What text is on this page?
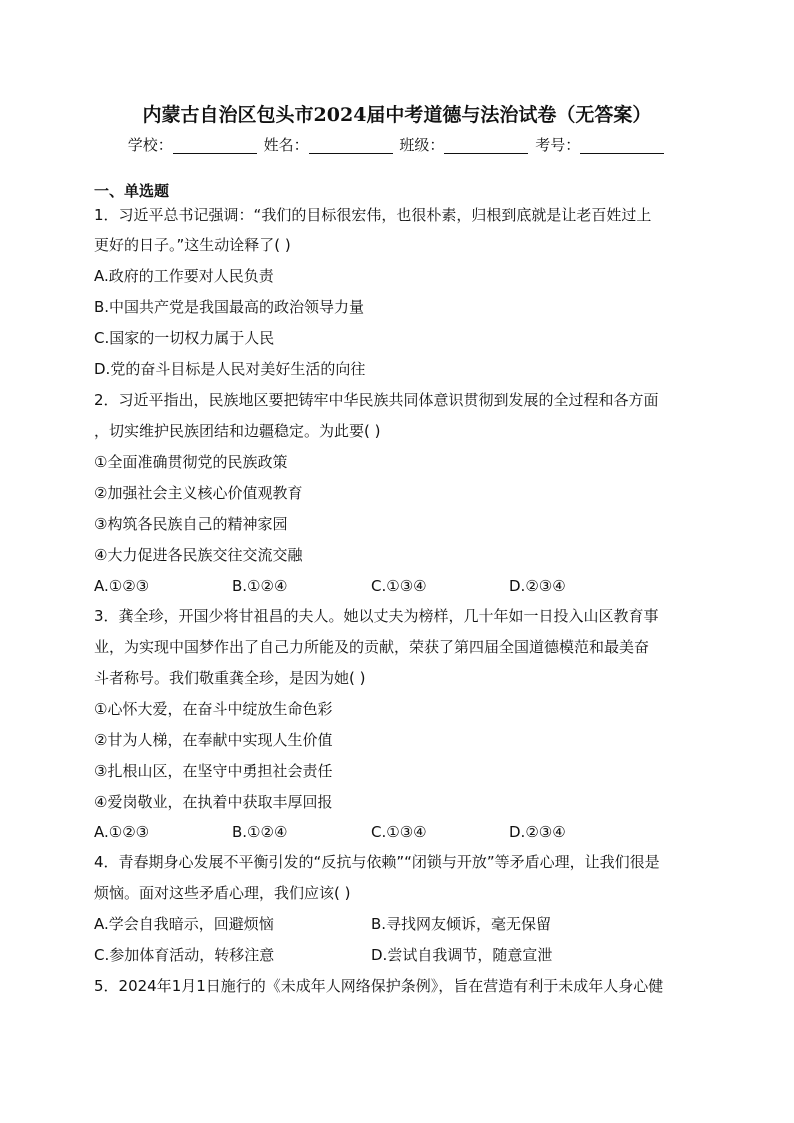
内蒙古自治区包头市2024届中考道德与法治试卷（无答案）
学校：	姓名：	班级：	考号：
一、单选题
1．习近平总书记强调：“我们的目标很宏伟，也很朴素，归根到底就是让老百姓过上
更好的日子。”这生动诠释了( )
A.政府的工作要对人民负责
B.中国共产党是我国最高的政治领导力量
C.国家的一切权力属于人民
D.党的奋斗目标是人民对美好生活的向往
2．习近平指出，民族地区要把铸牢中华民族共同体意识贯彻到发展的全过程和各方面
，切实维护民族团结和边疆稳定。为此要( )
①全面准确贯彻党的民族政策
②加强社会主义核心价值观教育
③构筑各民族自己的精神家园
④大力促进各民族交往交流交融
A.①②③	B.①②④	C.①③④	D.②③④
3．龚全珍，开国少将甘祖昌的夫人。她以丈夫为榜样，几十年如一日投入山区教育事
业，为实现中国梦作出了自己力所能及的贡献，荣获了第四届全国道德模范和最美奋
斗者称号。我们敬重龚全珍，是因为她( )
①心怀大爱，在奋斗中绽放生命色彩
②甘为人梯，在奉献中实现人生价值
③扎根山区，在坚守中勇担社会责任
④爱岗敬业，在执着中获取丰厚回报
A.①②③	B.①②④	C.①③④	D.②③④
4．青春期身心发展不平衡引发的“反抗与依赖”“闭锁与开放”等矛盾心理，让我们很是
烦恼。面对这些矛盾心理，我们应该( )
A.学会自我暗示，回避烦恼	B.寻找网友倾诉，毫无保留
C.参加体育活动，转移注意	D.尝试自我调节，随意宣泄
5．2024年1月1日施行的《未成年人网络保护条例》，旨在营造有利于未成年人身心健
